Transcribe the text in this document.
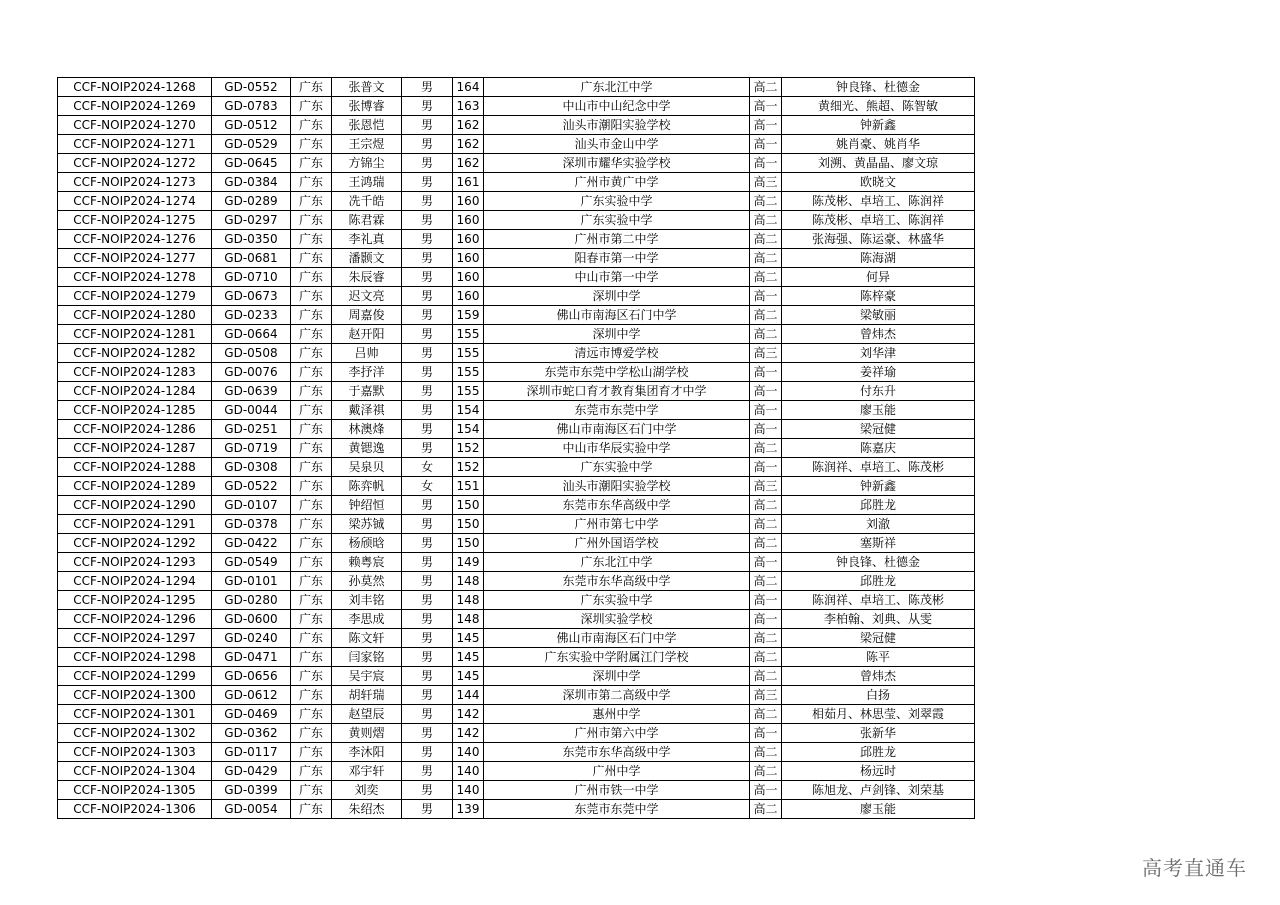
CCF-NOIP2024-1268	GD-0552	广东	张普文	男	164	广东北江中学	高二	钟良锋、杜德金
CCF-NOIP2024-1269	GD-0783	广东	张博睿	男	163	中山市中山纪念中学	高一	黄细光、熊超、陈智敏
CCF-NOIP2024-1270	GD-0512	广东	张恩恺	男	162	汕头市潮阳实验学校	高一	钟新鑫
CCF-NOIP2024-1271	GD-0529	广东	王宗煜	男	162	汕头市金山中学	高一	姚肖豪、姚肖华
CCF-NOIP2024-1272	GD-0645	广东	方锦尘	男	162	深圳市耀华实验学校	高一	刘溯、黄晶晶、廖文琼
CCF-NOIP2024-1273	GD-0384	广东	王鸿瑞	男	161	广州市黄广中学	高三	欧晓文
CCF-NOIP2024-1274	GD-0289	广东	冼千皓	男	160	广东实验中学	高二	陈茂彬、卓培工、陈润祥
CCF-NOIP2024-1275	GD-0297	广东	陈君霖	男	160	广东实验中学	高二	陈茂彬、卓培工、陈润祥
CCF-NOIP2024-1276	GD-0350	广东	李礼真	男	160	广州市第二中学	高二	张海强、陈运豪、林盛华
CCF-NOIP2024-1277	GD-0681	广东	潘颢文	男	160	阳春市第一中学	高二	陈海湖
CCF-NOIP2024-1278	GD-0710	广东	朱辰睿	男	160	中山市第一中学	高二	何异
CCF-NOIP2024-1279	GD-0673	广东	迟文亮	男	160	深圳中学	高一	陈梓豪
CCF-NOIP2024-1280	GD-0233	广东	周嘉俊	男	159	佛山市南海区石门中学	高二	梁敏丽
CCF-NOIP2024-1281	GD-0664	广东	赵开阳	男	155	深圳中学	高二	曾炜杰
CCF-NOIP2024-1282	GD-0508	广东	吕帅	男	155	清远市博爱学校	高三	刘华津
CCF-NOIP2024-1283	GD-0076	广东	李抒洋	男	155	东莞市东莞中学松山湖学校	高一	姜祥瑜
CCF-NOIP2024-1284	GD-0639	广东	于嘉默	男	155	深圳市蛇口育才教育集团育才中学	高一	付东升
CCF-NOIP2024-1285	GD-0044	广东	戴泽祺	男	154	东莞市东莞中学	高一	廖玉能
CCF-NOIP2024-1286	GD-0251	广东	林澳烽	男	154	佛山市南海区石门中学	高一	梁冠健
CCF-NOIP2024-1287	GD-0719	广东	黄锶逸	男	152	中山市华辰实验中学	高二	陈嘉庆
CCF-NOIP2024-1288	GD-0308	广东	吴泉贝	女	152	广东实验中学	高一	陈润祥、卓培工、陈茂彬
CCF-NOIP2024-1289	GD-0522	广东	陈弈帆	女	151	汕头市潮阳实验学校	高三	钟新鑫
CCF-NOIP2024-1290	GD-0107	广东	钟绍恒	男	150	东莞市东华高级中学	高二	邱胜龙
CCF-NOIP2024-1291	GD-0378	广东	梁苏铖	男	150	广州市第七中学	高二	刘澈
CCF-NOIP2024-1292	GD-0422	广东	杨颀晗	男	150	广州外国语学校	高二	塞斯祥
CCF-NOIP2024-1293	GD-0549	广东	赖粤宸	男	149	广东北江中学	高一	钟良锋、杜德金
CCF-NOIP2024-1294	GD-0101	广东	孙莫然	男	148	东莞市东华高级中学	高二	邱胜龙
CCF-NOIP2024-1295	GD-0280	广东	刘丰铭	男	148	广东实验中学	高一	陈润祥、卓培工、陈茂彬
CCF-NOIP2024-1296	GD-0600	广东	李思成	男	148	深圳实验学校	高一	李柏翰、刘典、从雯
CCF-NOIP2024-1297	GD-0240	广东	陈文轩	男	145	佛山市南海区石门中学	高二	梁冠健
CCF-NOIP2024-1298	GD-0471	广东	闫家铭	男	145	广东实验中学附属江门学校	高二	陈平
CCF-NOIP2024-1299	GD-0656	广东	吴宇宸	男	145	深圳中学	高二	曾炜杰
CCF-NOIP2024-1300	GD-0612	广东	胡轩瑞	男	144	深圳市第二高级中学	高三	白扬
CCF-NOIP2024-1301	GD-0469	广东	赵望辰	男	142	惠州中学	高二	相茹月、林思莹、刘翠霞
CCF-NOIP2024-1302	GD-0362	广东	黄则熠	男	142	广州市第六中学	高一	张新华
CCF-NOIP2024-1303	GD-0117	广东	李沐阳	男	140	东莞市东华高级中学	高二	邱胜龙
CCF-NOIP2024-1304	GD-0429	广东	邓宇轩	男	140	广州中学	高二	杨远时
CCF-NOIP2024-1305	GD-0399	广东	刘奕	男	140	广州市铁一中学	高一	陈旭龙、卢剑锋、刘荣基
CCF-NOIP2024-1306	GD-0054	广东	朱绍杰	男	139	东莞市东莞中学	高二	廖玉能
高考直通车
